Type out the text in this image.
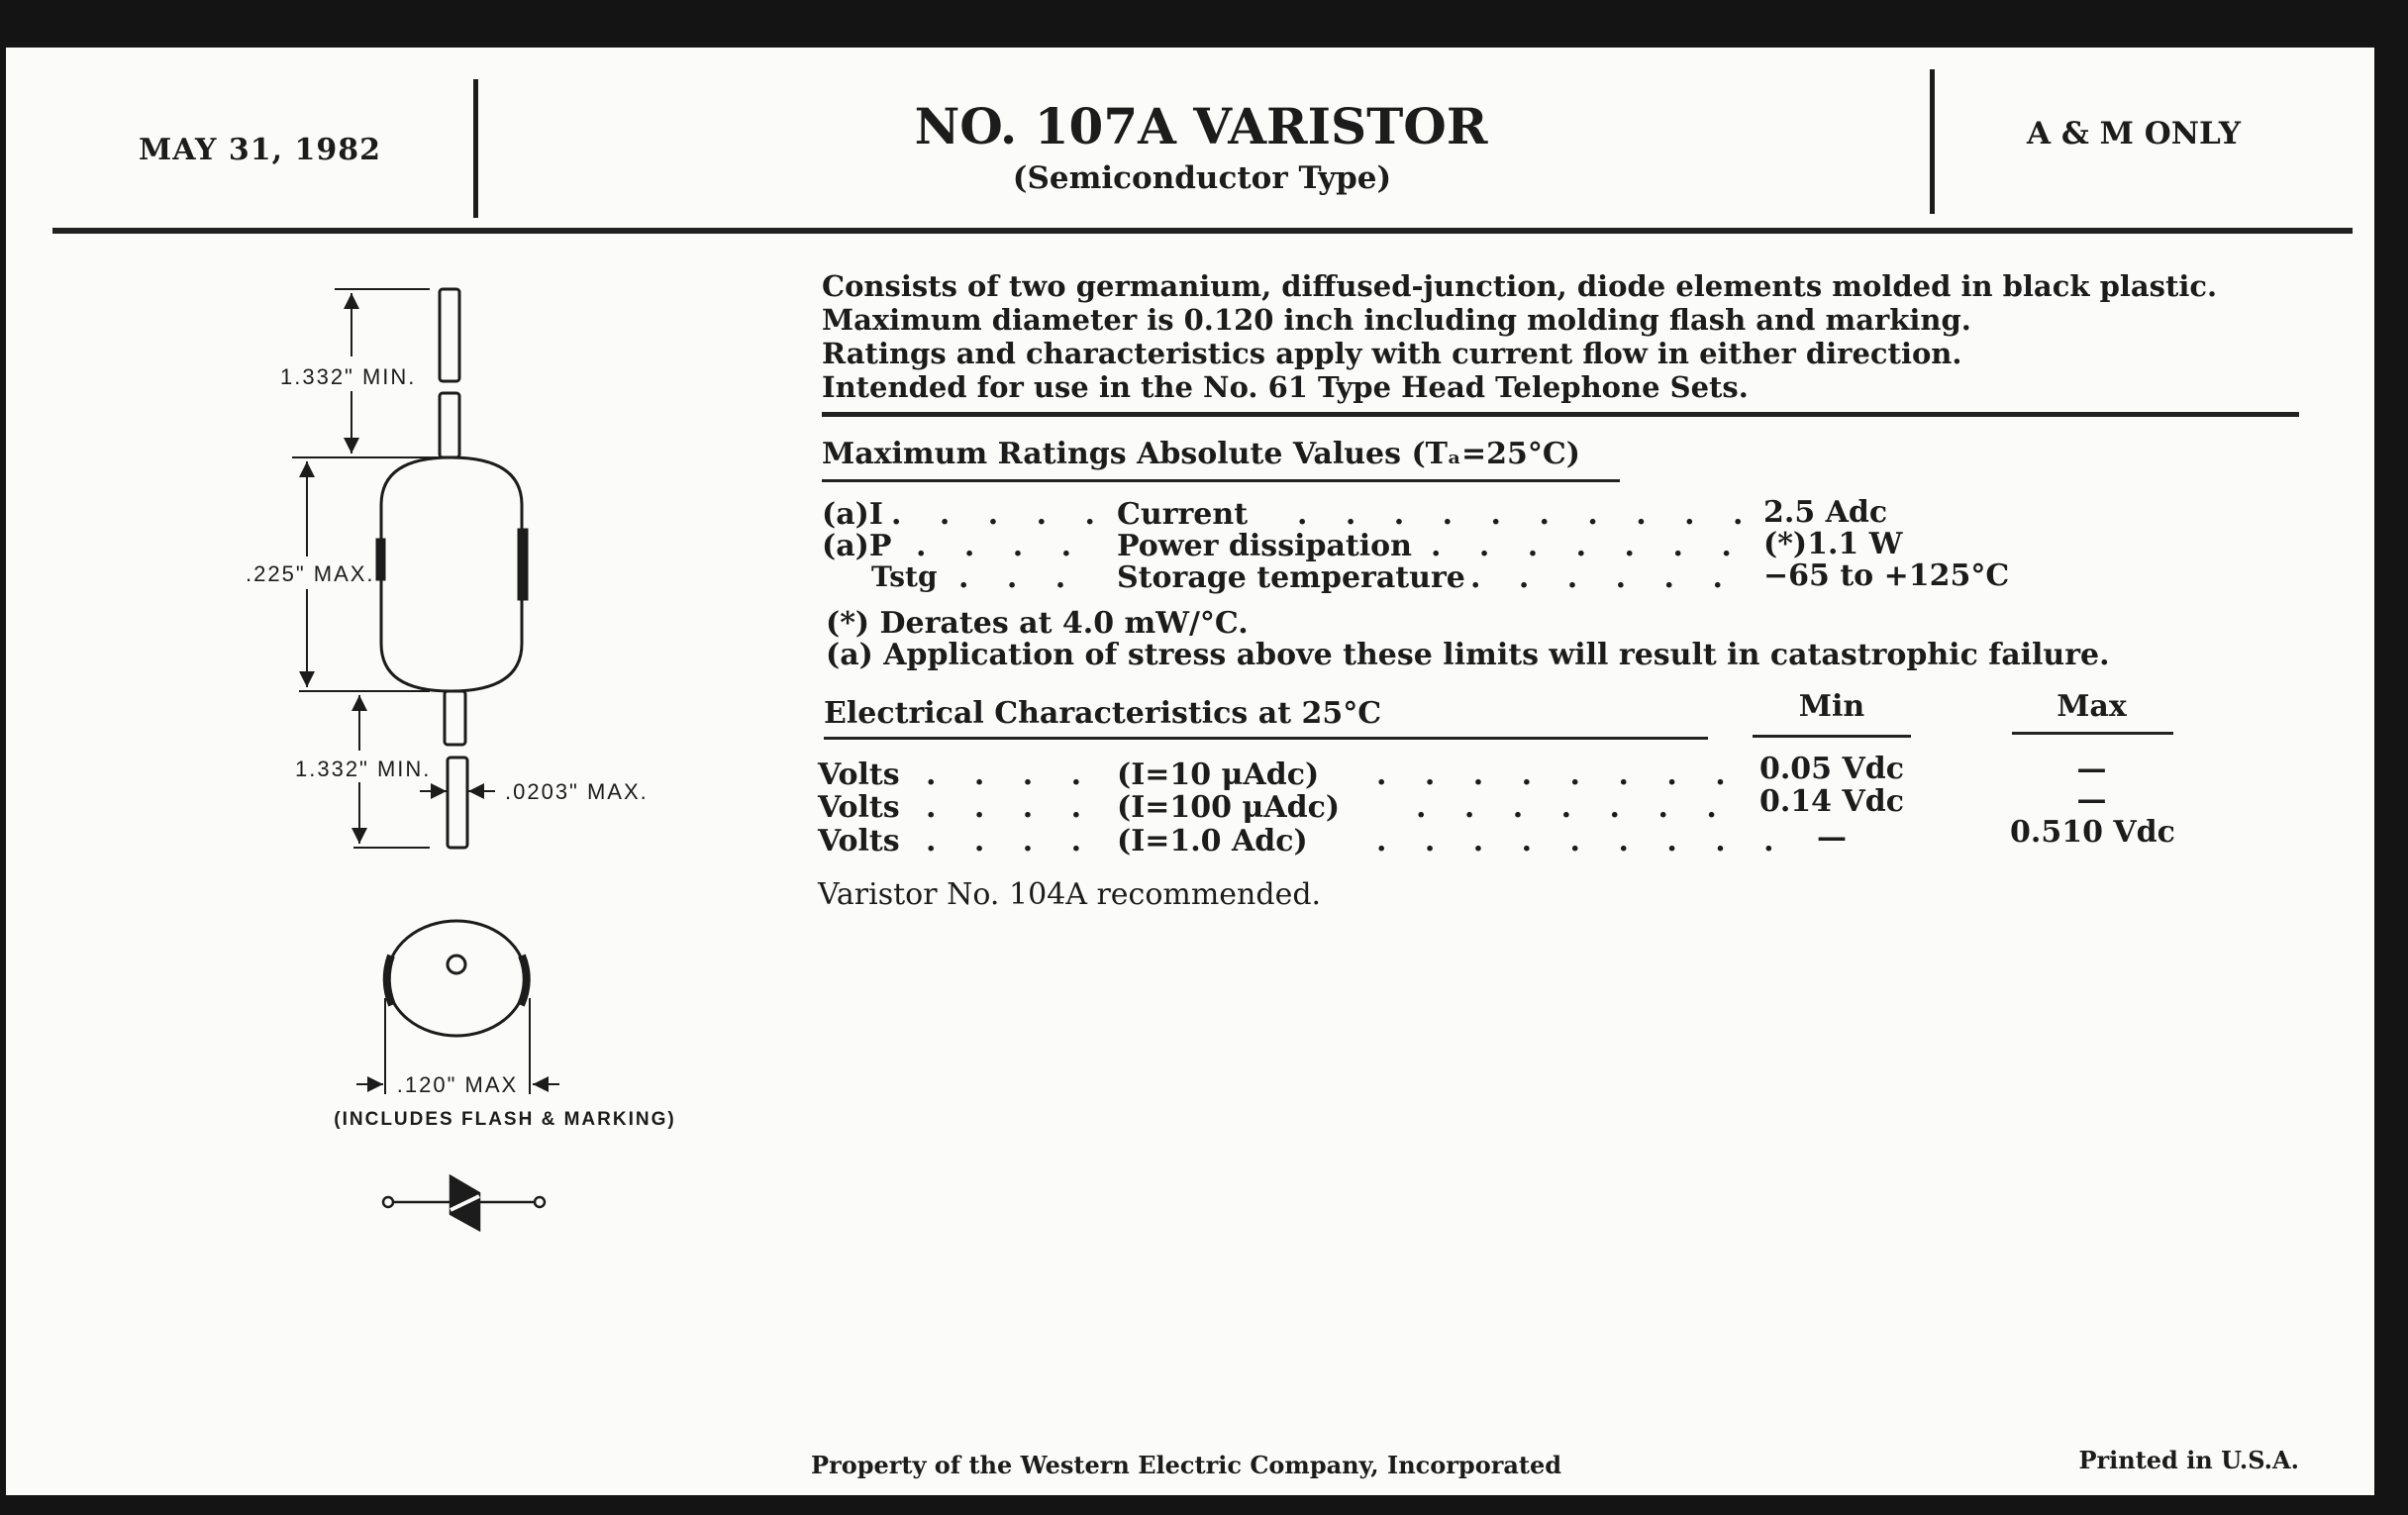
MAY 31, 1982	NO. 107A VARISTOR
(Semiconductor Type)
A & M ONLY
Consists of two germanium, diffused-junction, diode elements molded in black plastic.
Maximum diameter is 0.120 inch including molding flash and marking.
Ratings and characteristics apply with current flow in either direction.
Intended for use in the No. 61 Type Head Telephone Sets.
Maximum Ratings Absolute Values (Tₐ=25°C)
(a)I . . . . . Current . . . . . . . . . . 2.5 Adc
(a)P . . . . Power dissipation . . . . . . . (*)1.1 W
Tstg . . . Storage temperature . . . . . . −65 to +125°C
(*) Derates at 4.0 mW/°C.
(a) Application of stress above these limits will result in catastrophic failure.
Electrical Characteristics at 25°C	Min	Max
Volts . . . . (I=10 μAdc) . . . . . . . . 0.05 Vdc	—
Volts . . . . (I=100 μAdc)	. . . . . . . 0.14 Vdc	—
Volts . . . . (I=1.0 Adc) . . . . . . . . . —	0.510 Vdc
Varistor No. 104A recommended.
1.332" MIN.
.225" MAX.
1.332" MIN.
.0203" MAX.
.120" MAX
(INCLUDES FLASH & MARKING)
Property of the Western Electric Company, Incorporated	Printed in U.S.A.
